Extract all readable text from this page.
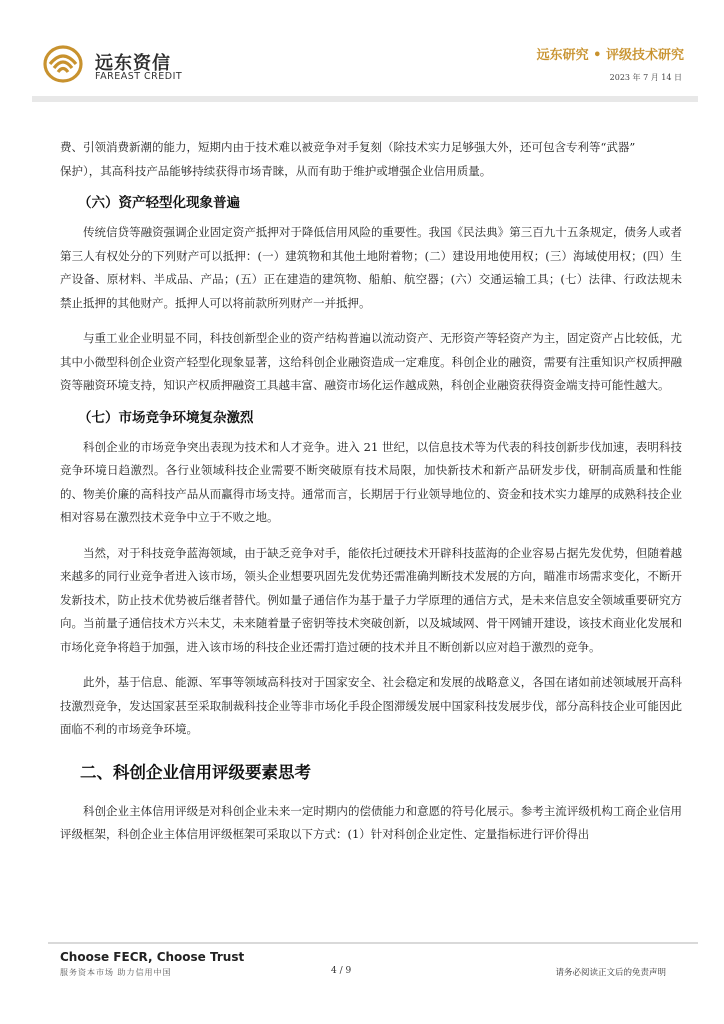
远东资信
FAREAST CREDIT
远东研究 • 评级技术研究
2023 年 7 月 14 日

费、引领消费新潮的能力，短期内由于技术难以被竞争对手复刻（除技术实力足够强大外，还可包含专利等“武器”
保护），其高科技产品能够持续获得市场青睐，从而有助于维护或增强企业信用质量。

（六）资产轻型化现象普遍

传统信贷等融资强调企业固定资产抵押对于降低信用风险的重要性。我国《民法典》第三百九十五条规定，债务人或者第三人有权处分的下列财产可以抵押：(一）建筑物和其他土地附着物；(二）建设用地使用权；(三）海域使用权；(四）生产设备、原材料、半成品、产品；(五）正在建造的建筑物、船舶、航空器；(六）交通运输工具；(七）法律、行政法规未禁止抵押的其他财产。抵押人可以将前款所列财产一并抵押。

与重工业企业明显不同，科技创新型企业的资产结构普遍以流动资产、无形资产等轻资产为主，固定资产占比较低，尤其中小微型科创企业资产轻型化现象显著，这给科创企业融资造成一定难度。科创企业的融资，需要有注重知识产权质押融资等融资环境支持，知识产权质押融资工具越丰富、融资市场化运作越成熟，科创企业融资获得资金端支持可能性越大。

（七）市场竞争环境复杂激烈

科创企业的市场竞争突出表现为技术和人才竞争。进入 21 世纪，以信息技术等为代表的科技创新步伐加速，表明科技竞争环境日趋激烈。各行业领域科技企业需要不断突破原有技术局限，加快新技术和新产品研发步伐，研制高质量和性能的、物美价廉的高科技产品从而赢得市场支持。通常而言，长期居于行业领导地位的、资金和技术实力雄厚的成熟科技企业相对容易在激烈技术竞争中立于不败之地。

当然，对于科技竞争蓝海领域，由于缺乏竞争对手，能依托过硬技术开辟科技蓝海的企业容易占据先发优势，但随着越来越多的同行业竞争者进入该市场，领头企业想要巩固先发优势还需准确判断技术发展的方向，瞄准市场需求变化，不断开发新技术，防止技术优势被后继者替代。例如量子通信作为基于量子力学原理的通信方式，是未来信息安全领域重要研究方向。当前量子通信技术方兴未艾，未来随着量子密钥等技术突破创新，以及城域网、骨干网铺开建设，该技术商业化发展和市场化竞争将趋于加强，进入该市场的科技企业还需打造过硬的技术并且不断创新以应对趋于激烈的竞争。

此外，基于信息、能源、军事等领域高科技对于国家安全、社会稳定和发展的战略意义，各国在诸如前述领域展开高科技激烈竞争，发达国家甚至采取制裁科技企业等非市场化手段企图滞缓发展中国家科技发展步伐，部分高科技企业可能因此面临不利的市场竞争环境。

二、科创企业信用评级要素思考

科创企业主体信用评级是对科创企业未来一定时期内的偿债能力和意愿的符号化展示。参考主流评级机构工商企业信用评级框架，科创企业主体信用评级框架可采取以下方式：(1）针对科创企业定性、定量指标进行评价得出

Choose FECR, Choose Trust
服务资本市场 助力信用中国	4 / 9	请务必阅读正文后的免责声明
